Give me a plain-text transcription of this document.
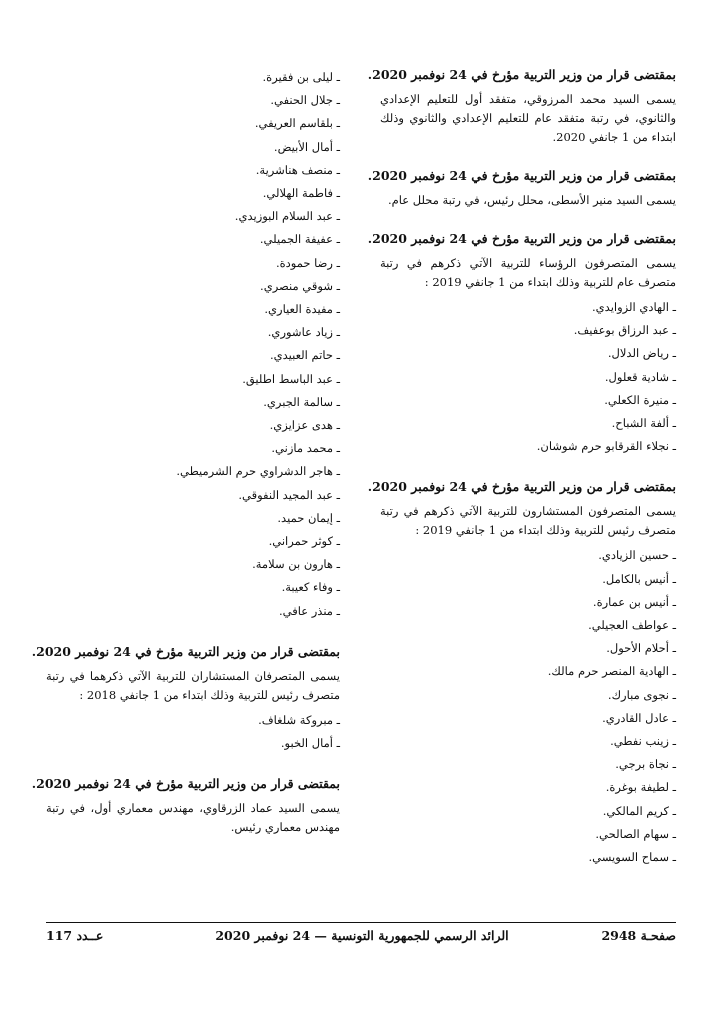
بمقتضى قرار من وزير التربية مؤرخ في 24 نوفمبر 2020.

يسمى السيد محمد المرزوقي، متفقد أول للتعليم الإعدادي والثانوي، في رتبة متفقد عام للتعليم الإعدادي والثانوي وذلك ابتداء من 1 جانفي 2020.

بمقتضى قرار من وزير التربية مؤرخ في 24 نوفمبر 2020.

يسمى السيد منير الأسطى، محلل رئيس، في رتبة محلل عام.

بمقتضى قرار من وزير التربية مؤرخ في 24 نوفمبر 2020.

يسمى المتصرفون الرؤساء للتربية الآتي ذكرهم في رتبة متصرف عام للتربية وذلك ابتداء من 1 جانفي 2019 :

ـ الهادي الزوايدي.
ـ عبد الرزاق بوعفيف.
ـ رياض الدلال.
ـ شادية قعلول.
ـ منيرة الكعلي.
ـ ألفة الشباح.
ـ نجلاء القرقابو حرم شوشان.

بمقتضى قرار من وزير التربية مؤرخ في 24 نوفمبر 2020.

يسمى المتصرفون المستشارون للتربية الآتي ذكرهم في رتبة متصرف رئيس للتربية وذلك ابتداء من 1 جانفي 2019 :

ـ حسين الزيادي.
ـ أنيس بالكامل.
ـ أنيس بن عمارة.
ـ عواطف العجيلي.
ـ أحلام الأحول.
ـ الهادية المنصر حرم مالك.
ـ نجوى مبارك.
ـ عادل القادري.
ـ زينب نفطي.
ـ نجاة برجي.
ـ لطيفة بوغرة.
ـ كريم المالكي.
ـ سهام الصالحي.
ـ سماح السويسي.
ـ ليلى بن فقيرة.
ـ جلال الحنفي.
ـ بلقاسم العريفي.
ـ أمال الأبيض.
ـ منصف هناشرية.
ـ فاطمة الهلالي.
ـ عبد السلام البوزيدي.
ـ عفيفة الجميلي.
ـ رضا حمودة.
ـ شوقي منصري.
ـ مفيدة العياري.
ـ زياد عاشوري.
ـ حاتم العبيدي.
ـ عبد الباسط اطليق.
ـ سالمة الجبري.
ـ هدى عزايزي.
ـ محمد مازني.
ـ هاجر الدشراوي حرم الشرميطي.
ـ عبد المجيد النفوقي.
ـ إيمان حميد.
ـ كوثر حمراني.
ـ هارون بن سلامة.
ـ وفاء كعيبة.
ـ منذر عافي.

بمقتضى قرار من وزير التربية مؤرخ في 24 نوفمبر 2020.

يسمى المتصرفان المستشاران للتربية الآتي ذكرهما في رتبة متصرف رئيس للتربية وذلك ابتداء من 1 جانفي 2018 :

ـ مبروكة شلغاف.
ـ أمال الخبو.

بمقتضى قرار من وزير التربية مؤرخ في 24 نوفمبر 2020.

يسمى السيد عماد الزرقاوي، مهندس معماري أول، في رتبة مهندس معماري رئيس.

صفحـة 2948
الرائد الرسمي للجمهورية التونسية — 24 نوفمبر 2020
عــدد 117
